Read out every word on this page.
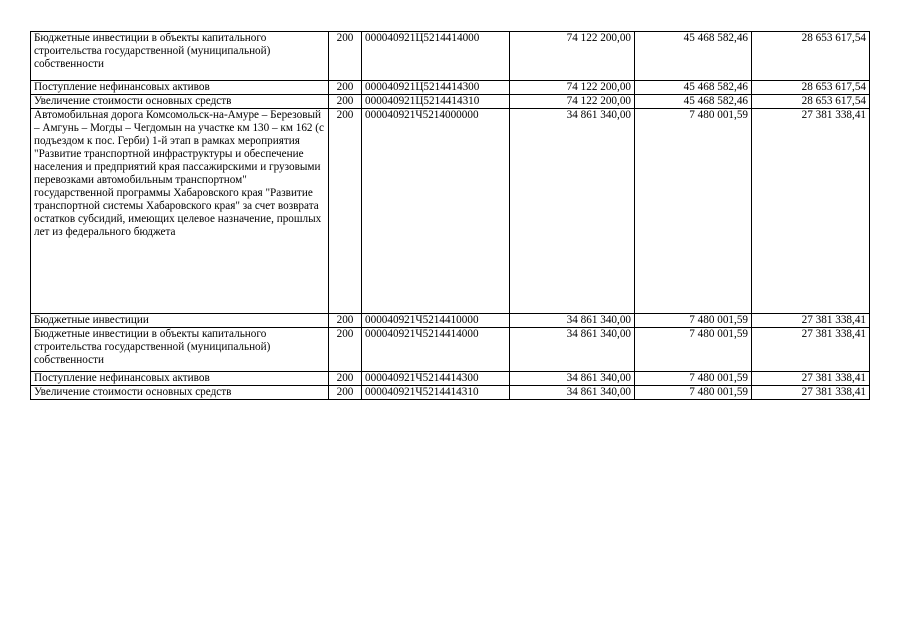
Бюджетные инвестиции в объекты капитального строительства государственной (муниципальной) собственности	200	000040921Ц5214414000	74 122 200,00	45 468 582,46	28 653 617,54
Поступление нефинансовых активов	200	000040921Ц5214414300	74 122 200,00	45 468 582,46	28 653 617,54
Увеличение стоимости основных средств	200	000040921Ц5214414310	74 122 200,00	45 468 582,46	28 653 617,54
Автомобильная дорога Комсомольск-на-Амуре – Березовый – Амгунь – Могды – Чегдомын на участке км 130 – км 162 (с подъездом к пос. Герби) 1-й этап в рамках мероприятия "Развитие транспортной инфраструктуры и обеспечение населения и предприятий края пассажирскими и грузовыми перевозками автомобильным транспортном" государственной программы Хабаровского края "Развитие транспортной системы Хабаровского края" за счет возврата остатков субсидий, имеющих целевое назначение, прошлых лет из федерального бюджета	200	000040921Ч5214000000	34 861 340,00	7 480 001,59	27 381 338,41
Бюджетные инвестиции	200	000040921Ч5214410000	34 861 340,00	7 480 001,59	27 381 338,41
Бюджетные инвестиции в объекты капитального строительства государственной (муниципальной) собственности	200	000040921Ч5214414000	34 861 340,00	7 480 001,59	27 381 338,41
Поступление нефинансовых активов	200	000040921Ч5214414300	34 861 340,00	7 480 001,59	27 381 338,41
Увеличение стоимости основных средств	200	000040921Ч5214414310	34 861 340,00	7 480 001,59	27 381 338,41
